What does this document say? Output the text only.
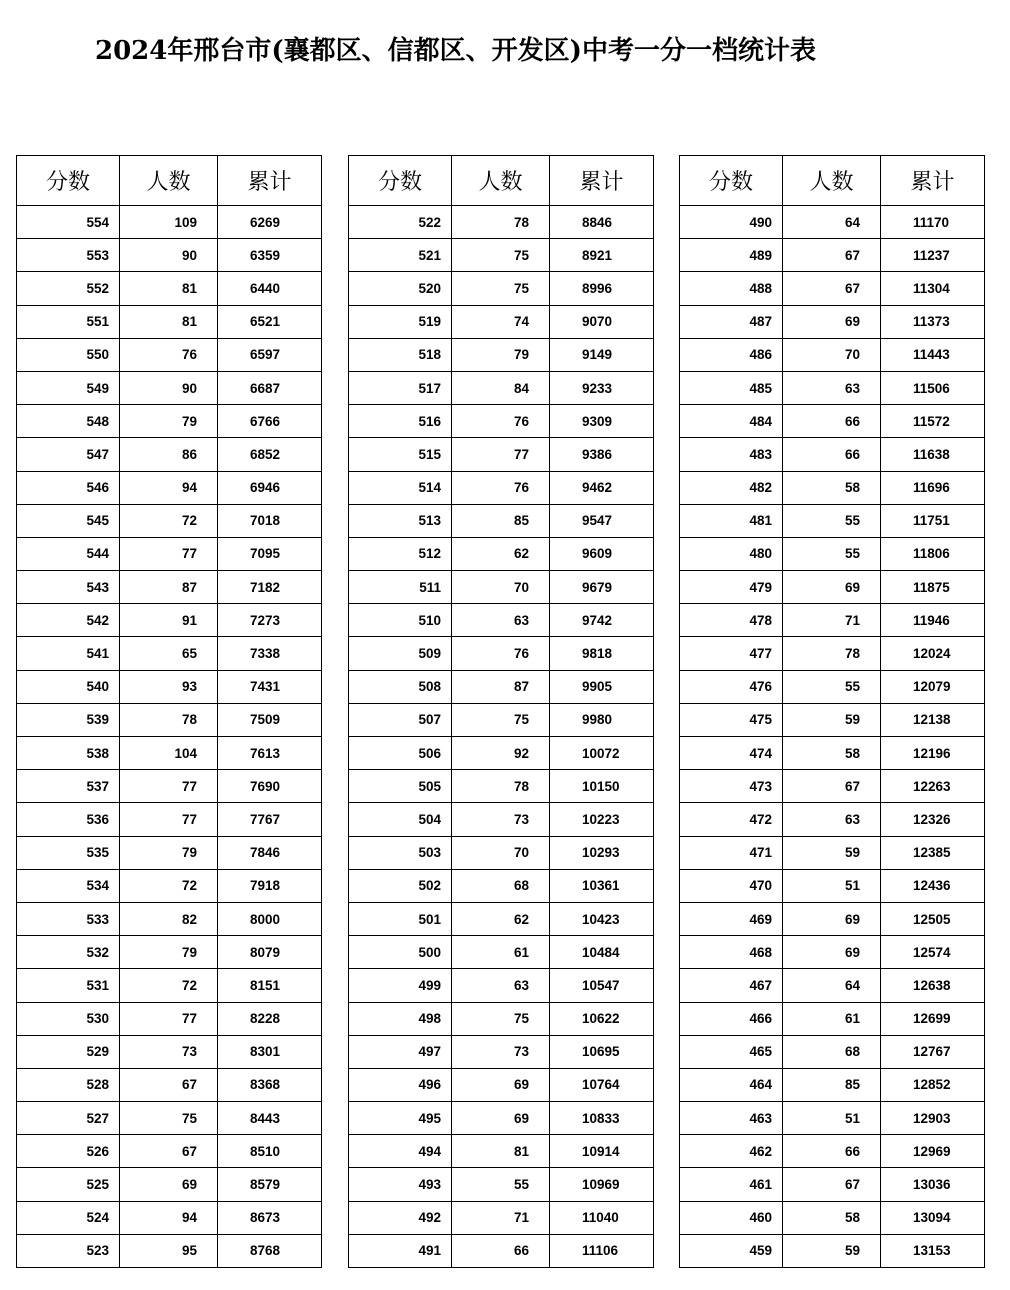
2024年邢台市(襄都区、信都区、开发区)中考一分一档统计表
分数	人数	累计
554	109	6269
553	90	6359
552	81	6440
551	81	6521
550	76	6597
549	90	6687
548	79	6766
547	86	6852
546	94	6946
545	72	7018
544	77	7095
543	87	7182
542	91	7273
541	65	7338
540	93	7431
539	78	7509
538	104	7613
537	77	7690
536	77	7767
535	79	7846
534	72	7918
533	82	8000
532	79	8079
531	72	8151
530	77	8228
529	73	8301
528	67	8368
527	75	8443
526	67	8510
525	69	8579
524	94	8673
523	95	8768
分数	人数	累计
522	78	8846
521	75	8921
520	75	8996
519	74	9070
518	79	9149
517	84	9233
516	76	9309
515	77	9386
514	76	9462
513	85	9547
512	62	9609
511	70	9679
510	63	9742
509	76	9818
508	87	9905
507	75	9980
506	92	10072
505	78	10150
504	73	10223
503	70	10293
502	68	10361
501	62	10423
500	61	10484
499	63	10547
498	75	10622
497	73	10695
496	69	10764
495	69	10833
494	81	10914
493	55	10969
492	71	11040
491	66	11106
分数	人数	累计
490	64	11170
489	67	11237
488	67	11304
487	69	11373
486	70	11443
485	63	11506
484	66	11572
483	66	11638
482	58	11696
481	55	11751
480	55	11806
479	69	11875
478	71	11946
477	78	12024
476	55	12079
475	59	12138
474	58	12196
473	67	12263
472	63	12326
471	59	12385
470	51	12436
469	69	12505
468	69	12574
467	64	12638
466	61	12699
465	68	12767
464	85	12852
463	51	12903
462	66	12969
461	67	13036
460	58	13094
459	59	13153
